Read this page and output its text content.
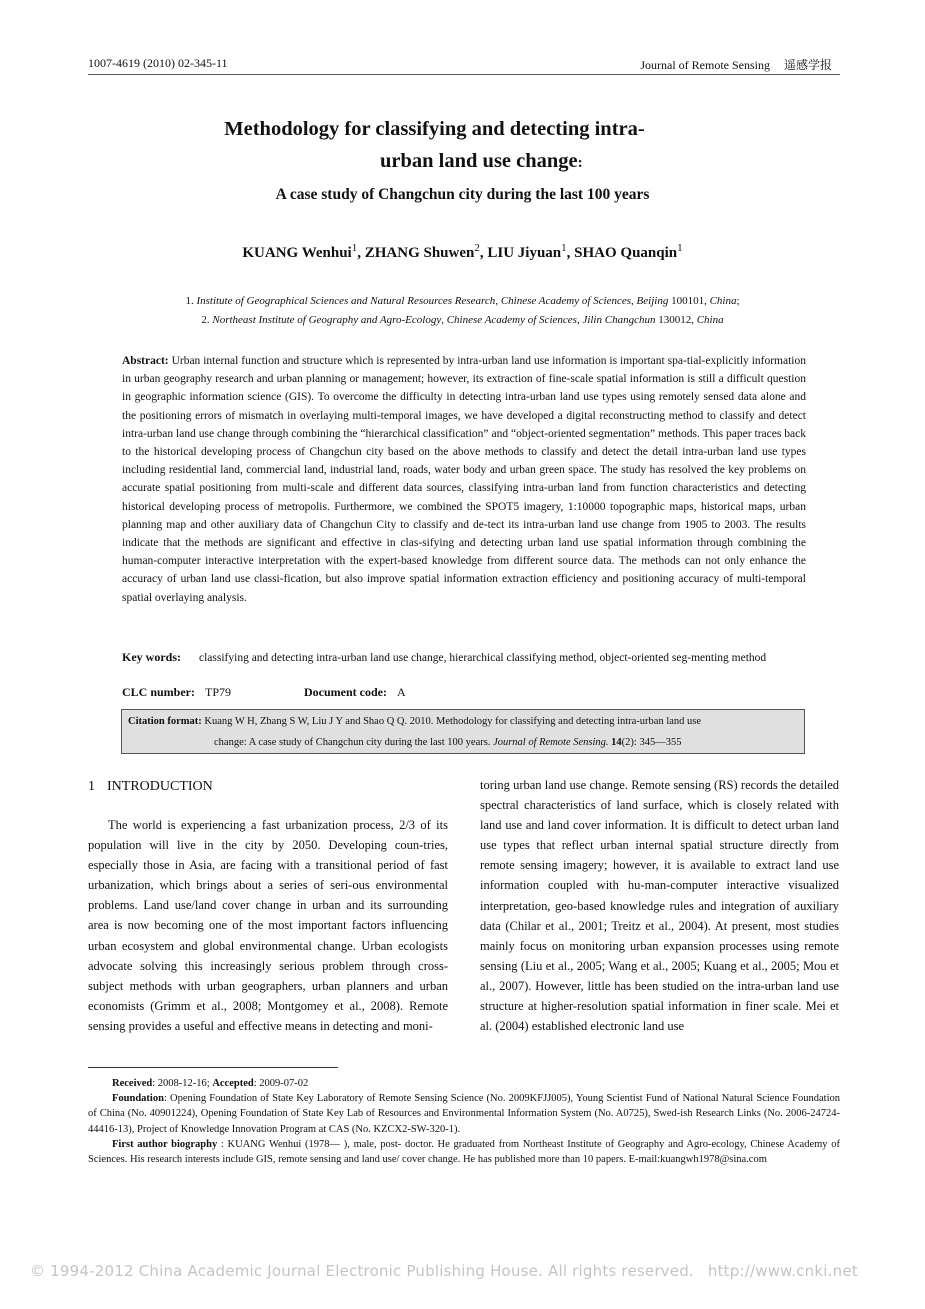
1007-4619 (2010) 02-345-11	Journal of Remote Sensing 遥感学报
Methodology for classifying and detecting intra-
urban land use change:
A case study of Changchun city during the last 100 years
KUANG Wenhui$^1$, ZHANG Shuwen$^2$, LIU Jiyuan$^1$, SHAO Quanqin$^1$
1. Institute of Geographical Sciences and Natural Resources Research, Chinese Academy of Sciences, Beijing 100101, China;
2. Northeast Institute of Geography and Agro-Ecology, Chinese Academy of Sciences, Jilin Changchun 130012, China
Abstract: Urban internal function and structure which is represented by intra-urban land use information is important spa-tial-explicitly information in urban geography research and urban planning or management; however, its extraction of fine-scale spatial information is still a difficult question in geographic information science (GIS). To overcome the difficulty in detecting intra-urban land use types using remotely sensed data alone and the positioning errors of mismatch in overlaying multi-temporal images, we have developed a digital reconstructing method to classify and detect intra-urban land use change through combining the “hierarchical classification” and “object-oriented segmentation” methods. This paper traces back to the historical developing process of Changchun city based on the above methods to classify and detect the detail intra-urban land use types including residential land, commercial land, industrial land, roads, water body and urban green space. The study has resolved the key problems on accurate spatial positioning from multi-scale and different data sources, classifying intra-urban land from function characteristics and detecting historical developing process of metropolis. Furthermore, we combined the SPOT5 imagery, 1:10000 topographic maps, historical maps, urban planning map and other auxiliary data of Changchun City to classify and de-tect its intra-urban land use change from 1905 to 2003. The results indicate that the methods are significant and effective in clas-sifying and detecting urban land use spatial information through combining the human-computer interactive interpretation with the expert-based knowledge from different source data. The methods can not only enhance the accuracy of urban land use classi-fication, but also improve spatial information extraction efficiency and positioning accuracy of multi-temporal spatial overlaying analysis.
Key words: classifying and detecting intra-urban land use change, hierarchical classifying method, object-oriented seg-menting method
CLC number: TP79	Document code: A
Citation format: Kuang W H, Zhang S W, Liu J Y and Shao Q Q. 2010. Methodology for classifying and detecting intra-urban land use
change: A case study of Changchun city during the last 100 years. Journal of Remote Sensing. 14(2): 345—355
1 INTRODUCTION

The world is experiencing a fast urbanization process, 2/3 of its population will live in the city by 2050. Developing coun-tries, especially those in Asia, are facing with a transitional period of fast urbanization, which brings about a series of seri-ous environmental problems. Land use/land cover change in urban and its surrounding area is now becoming one of the most important factors influencing urban ecosystem and global environmental change. Urban ecologists advocate solving this increasingly serious problem through cross-subject methods with urban geographers, urban planners and urban economists (Grimm et al., 2008; Montgomey et al., 2008). Remote sensing provides a useful and effective means in detecting and moni-

toring urban land use change. Remote sensing (RS) records the detailed spectral characteristics of land surface, which is closely related with land use and land cover information. It is difficult to detect urban land use types that reflect urban internal spatial structure directly from remote sensing imagery; however, it is available to extract land use information coupled with hu-man-computer interactive visualized interpretation, geo-based knowledge rules and integration of auxiliary data (Chilar et al., 2001; Treitz et al., 2004). At present, most studies mainly focus on monitoring urban expansion processes using remote sensing (Liu et al., 2005; Wang et al., 2005; Kuang et al., 2005; Mou et al., 2007). However, little has been studied on the intra-urban land use structure at higher-resolution spatial information in finer scale. Mei et al. (2004) established electronic land use

Received: 2008-12-16; Accepted: 2009-07-02

Foundation: Opening Foundation of State Key Laboratory of Remote Sensing Science (No. 2009KFJJ005), Young Scientist Fund of National Natural Science Foundation of China (No. 40901224), Opening Foundation of State Key Lab of Resources and Environmental Information System (No. A0725), Swed-ish Research Links (No. 2006-24724-44416-13), Project of Knowledge Innovation Program at CAS (No. KZCX2-SW-320-1).

First author biography : KUANG Wenhui (1978— ), male, post- doctor. He graduated from Northeast Institute of Geography and Agro-ecology, Chinese Academy of Sciences. His research interests include GIS, remote sensing and land use/ cover change. He has published more than 10 papers. E-mail:kuangwh1978@sina.com

© 1994-2012 China Academic Journal Electronic Publishing House. All rights reserved. http://www.cnki.net
